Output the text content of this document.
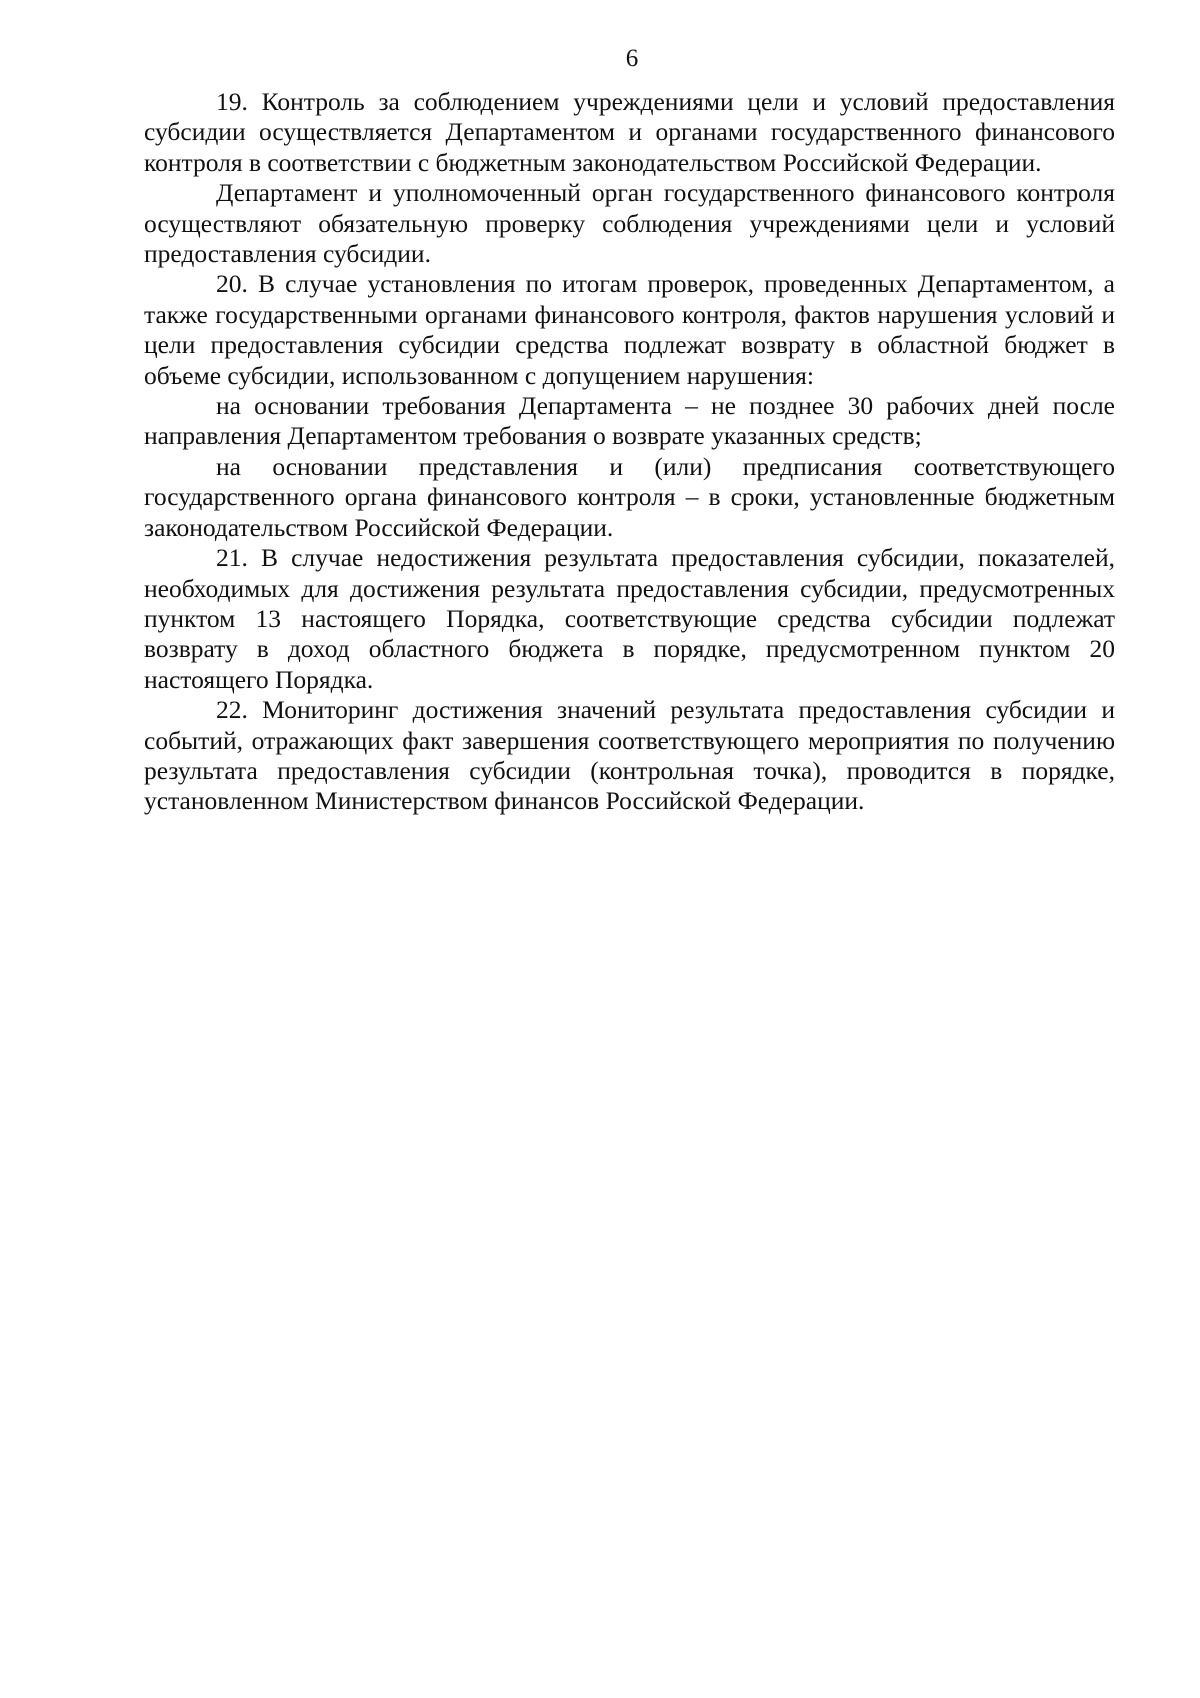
6

19. Контроль за соблюдением учреждениями цели и условий предоставления субсидии осуществляется Департаментом и органами государственного финансового контроля в соответствии с бюджетным законодательством Российской Федерации.

Департамент и уполномоченный орган государственного финансового контроля осуществляют обязательную проверку соблюдения учреждениями цели и условий предоставления субсидии.

20. В случае установления по итогам проверок, проведенных Департаментом, а также государственными органами финансового контроля, фактов нарушения условий и цели предоставления субсидии средства подлежат возврату в областной бюджет в объеме субсидии, использованном с допущением нарушения:

на основании требования Департамента – не позднее 30 рабочих дней после направления Департаментом требования о возврате указанных средств;

на основании представления и (или) предписания соответствующего государственного органа финансового контроля – в сроки, установленные бюджетным законодательством Российской Федерации.

21. В случае недостижения результата предоставления субсидии, показателей, необходимых для достижения результата предоставления субсидии, предусмотренных пунктом 13 настоящего Порядка, соответствующие средства субсидии подлежат возврату в доход областного бюджета в порядке, предусмотренном пунктом 20 настоящего Порядка.

22. Мониторинг достижения значений результата предоставления субсидии и событий, отражающих факт завершения соответствующего мероприятия по получению результата предоставления субсидии (контрольная точка), проводится в порядке, установленном Министерством финансов Российской Федерации.
